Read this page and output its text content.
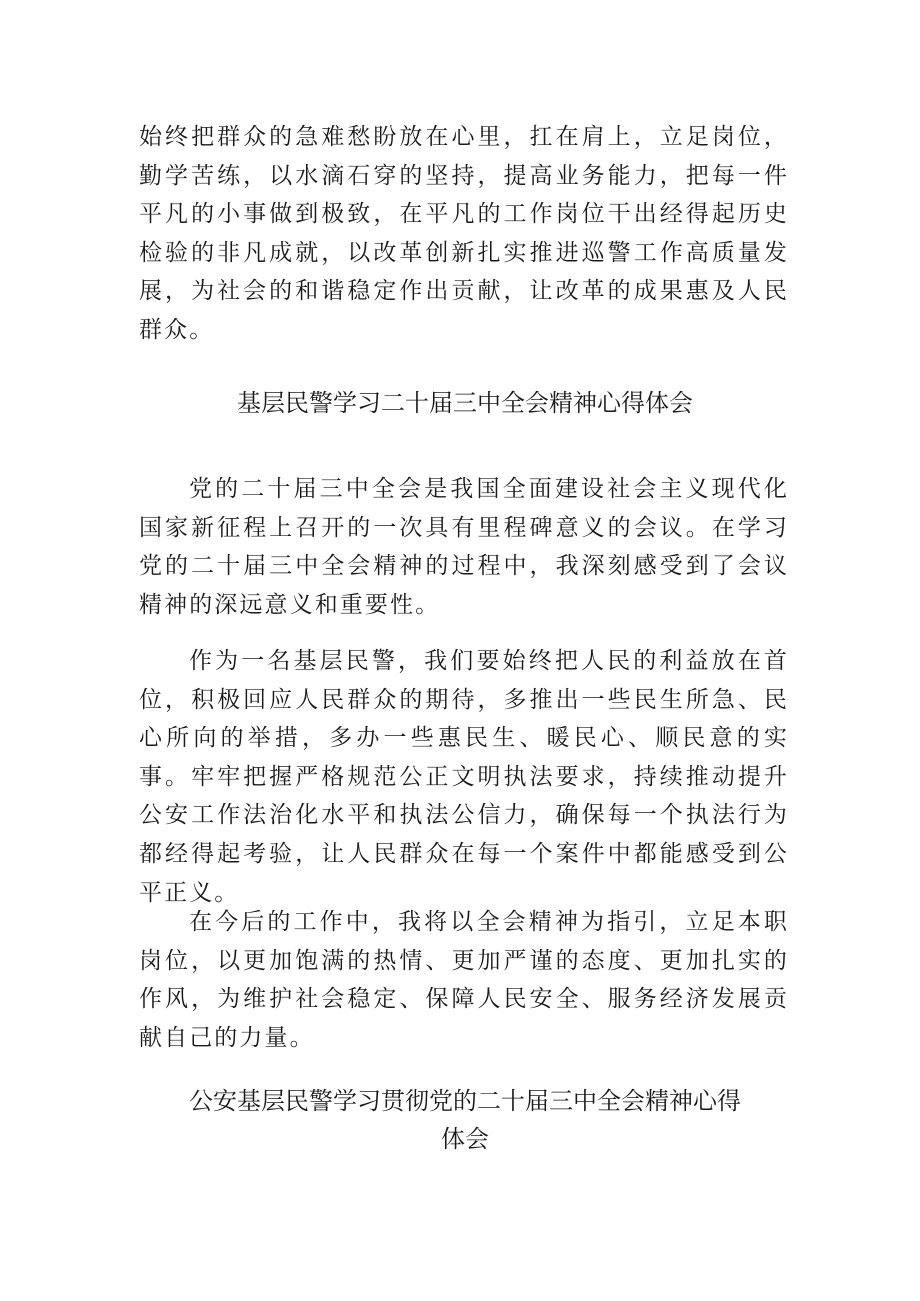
始终把群众的急难愁盼放在心里，扛在肩上，立足岗位，勤学苦练，以水滴石穿的坚持，提高业务能力，把每一件平凡的小事做到极致，在平凡的工作岗位干出经得起历史检验的非凡成就，以改革创新扎实推进巡警工作高质量发展，为社会的和谐稳定作出贡献，让改革的成果惠及人民群众。

基层民警学习二十届三中全会精神心得体会

党的二十届三中全会是我国全面建设社会主义现代化国家新征程上召开的一次具有里程碑意义的会议。在学习党的二十届三中全会精神的过程中，我深刻感受到了会议精神的深远意义和重要性。

作为一名基层民警，我们要始终把人民的利益放在首位，积极回应人民群众的期待，多推出一些民生所急、民心所向的举措，多办一些惠民生、暖民心、顺民意的实事。牢牢把握严格规范公正文明执法要求，持续推动提升公安工作法治化水平和执法公信力，确保每一个执法行为都经得起考验，让人民群众在每一个案件中都能感受到公平正义。

在今后的工作中，我将以全会精神为指引，立足本职岗位，以更加饱满的热情、更加严谨的态度、更加扎实的作风，为维护社会稳定、保障人民安全、服务经济发展贡献自己的力量。

公安基层民警学习贯彻党的二十届三中全会精神心得
体会
